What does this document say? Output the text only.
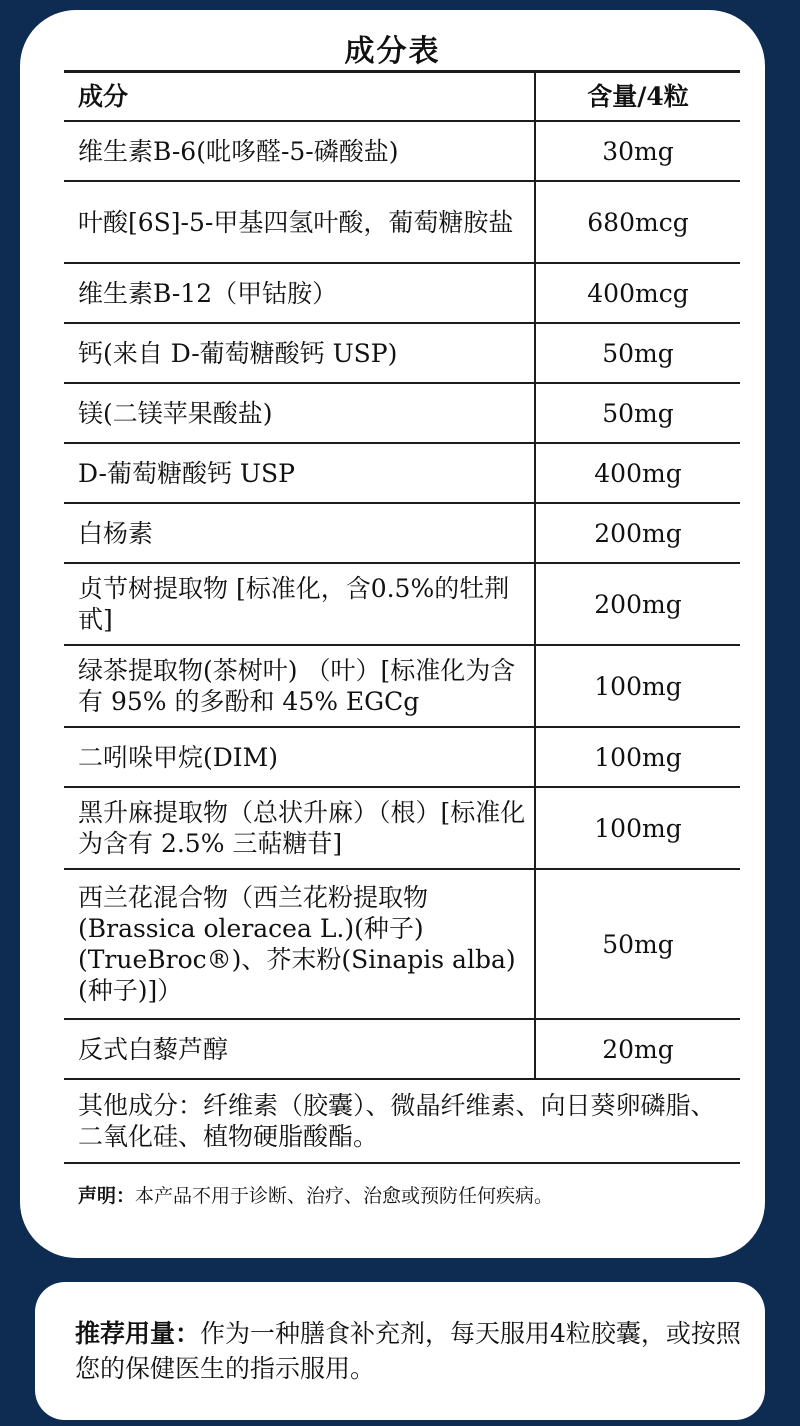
成分表
成分	含量/4粒
维生素B-6(吡哆醛-5-磷酸盐)	30mg
叶酸[6S]-5-甲基四氢叶酸，葡萄糖胺盐	680mcg
维生素B-12（甲钴胺）	400mcg
钙(来自 D-葡萄糖酸钙 USP)	50mg
镁(二镁苹果酸盐)	50mg
D-葡萄糖酸钙 USP	400mg
白杨素	200mg
贞节树提取物 [标准化，含0.5%的牡荆甙]	200mg
绿茶提取物(茶树叶) （叶）[标准化为含有 95% 的多酚和 45% EGCg	100mg
二吲哚甲烷(DIM)	100mg
黑升麻提取物（总状升麻）（根）[标准化为含有 2.5% 三萜糖苷]	100mg
西兰花混合物（西兰花粉提取物(Brassica oleracea L.)(种子)(TrueBroc®)、芥末粉(Sinapis alba)(种子)]）	50mg
反式白藜芦醇	20mg
其他成分：纤维素（胶囊）、微晶纤维素、向日葵卵磷脂、二氧化硅、植物硬脂酸酯。	
声明：本产品不用于诊断、治疗、治愈或预防任何疾病。	
推荐用量：作为一种膳食补充剂，每天服用4粒胶囊，或按照您的保健医生的指示服用。
